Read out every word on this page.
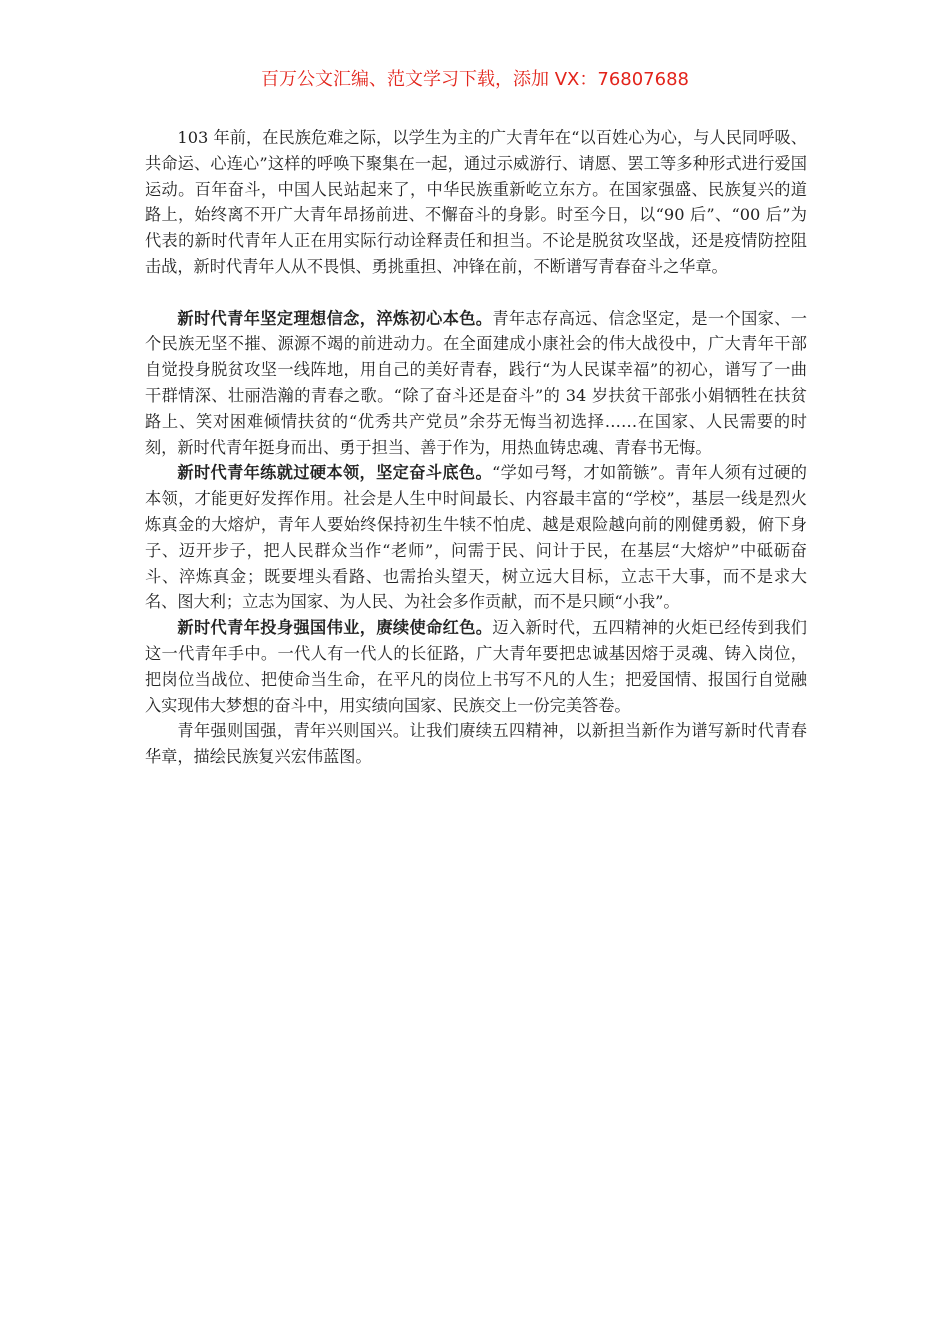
百万公文汇编、范文学习下载，添加 VX：76807688

103 年前，在民族危难之际，以学生为主的广大青年在“以百姓心为心，与人民同呼吸、共命运、心连心”这样的呼唤下聚集在一起，通过示威游行、请愿、罢工等多种形式进行爱国运动。百年奋斗，中国人民站起来了，中华民族重新屹立东方。在国家强盛、民族复兴的道路上，始终离不开广大青年昂扬前进、不懈奋斗的身影。时至今日，以“90 后”、“00 后”为代表的新时代青年人正在用实际行动诠释责任和担当。不论是脱贫攻坚战，还是疫情防控阻击战，新时代青年人从不畏惧、勇挑重担、冲锋在前，不断谱写青春奋斗之华章。

新时代青年坚定理想信念，淬炼初心本色。青年志存高远、信念坚定，是一个国家、一个民族无坚不摧、源源不竭的前进动力。在全面建成小康社会的伟大战役中，广大青年干部自觉投身脱贫攻坚一线阵地，用自己的美好青春，践行“为人民谋幸福”的初心，谱写了一曲干群情深、壮丽浩瀚的青春之歌。“除了奋斗还是奋斗”的 34 岁扶贫干部张小娟牺牲在扶贫路上、笑对困难倾情扶贫的“优秀共产党员”余芬无悔当初选择……在国家、人民需要的时刻，新时代青年挺身而出、勇于担当、善于作为，用热血铸忠魂、青春书无悔。

新时代青年练就过硬本领，坚定奋斗底色。“学如弓弩，才如箭镞”。青年人须有过硬的本领，才能更好发挥作用。社会是人生中时间最长、内容最丰富的“学校”，基层一线是烈火炼真金的大熔炉，青年人要始终保持初生牛犊不怕虎、越是艰险越向前的刚健勇毅，俯下身子、迈开步子，把人民群众当作“老师”，问需于民、问计于民，在基层“大熔炉”中砥砺奋斗、淬炼真金；既要埋头看路、也需抬头望天，树立远大目标，立志干大事，而不是求大名、图大利；立志为国家、为人民、为社会多作贡献，而不是只顾“小我”。

新时代青年投身强国伟业，赓续使命红色。迈入新时代，五四精神的火炬已经传到我们这一代青年手中。一代人有一代人的长征路，广大青年要把忠诚基因熔于灵魂、铸入岗位，把岗位当战位、把使命当生命，在平凡的岗位上书写不凡的人生；把爱国情、报国行自觉融入实现伟大梦想的奋斗中，用实绩向国家、民族交上一份完美答卷。

青年强则国强，青年兴则国兴。让我们赓续五四精神，以新担当新作为谱写新时代青春华章，描绘民族复兴宏伟蓝图。
